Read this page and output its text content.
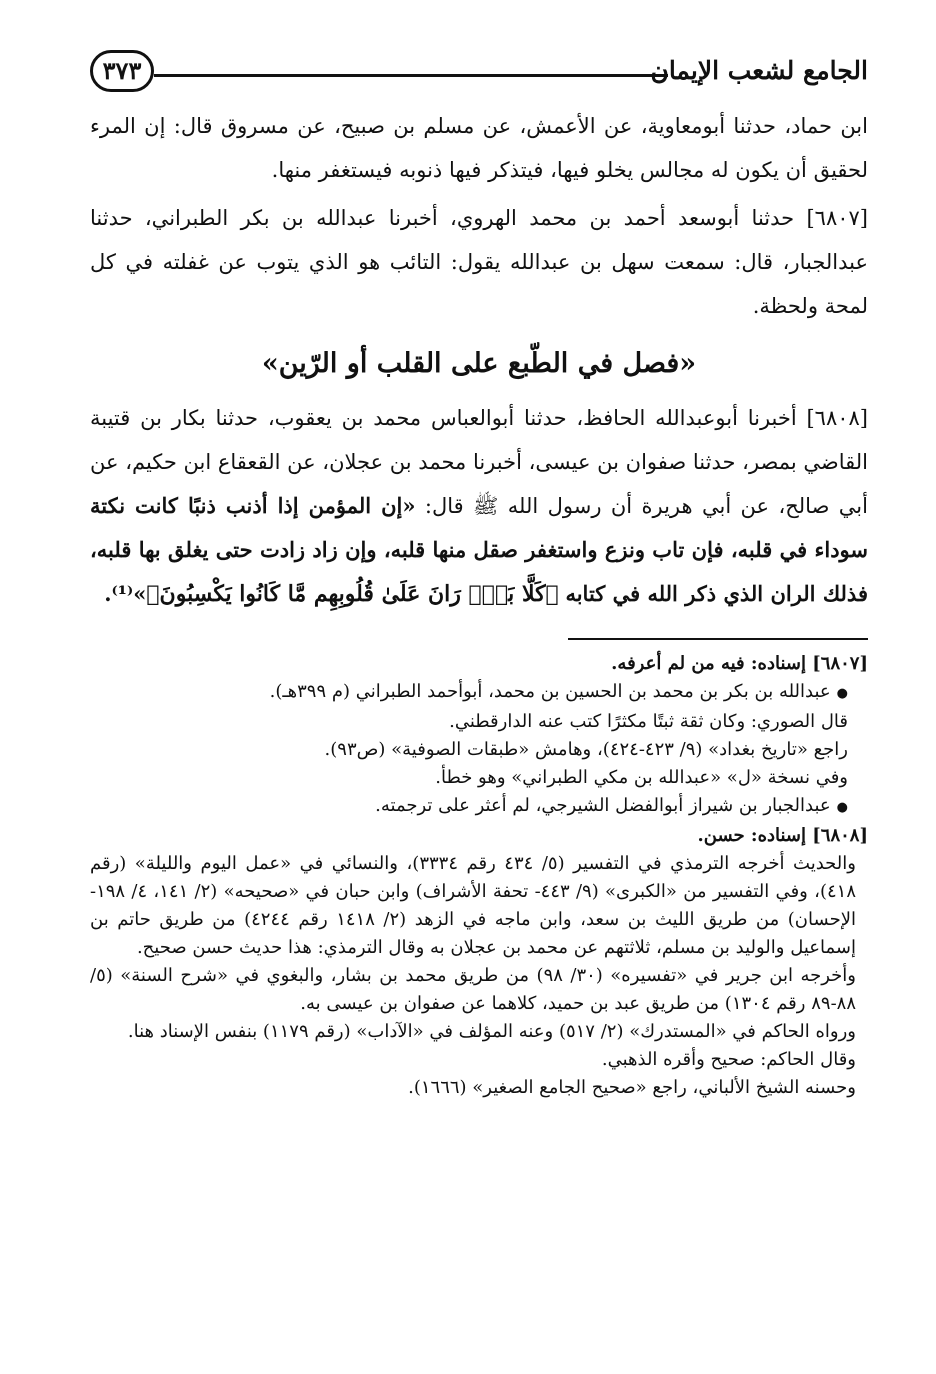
الجامع لشعب الإيمان
٣٧٣

ابن حماد، حدثنا أبومعاوية، عن الأعمش، عن مسلم بن صبيح، عن مسروق قال: إن المرء لحقيق أن يكون له مجالس يخلو فيها، فيتذكر فيها ذنوبه فيستغفر منها.

[٦٨٠٧] حدثنا أبوسعد أحمد بن محمد الهروي، أخبرنا عبدالله بن بكر الطبراني، حدثنا عبدالجبار، قال: سمعت سهل بن عبدالله يقول: التائب هو الذي يتوب عن غفلته في كل لمحة ولحظة.

«فصل في الطّبع على القلب أو الرّين»

[٦٨٠٨] أخبرنا أبوعبدالله الحافظ، حدثنا أبوالعباس محمد بن يعقوب، حدثنا بكار بن قتيبة القاضي بمصر، حدثنا صفوان بن عيسى، أخبرنا محمد بن عجلان، عن القعقاع ابن حكيم، عن أبي صالح، عن أبي هريرة أن رسول الله ﷺ قال: «إن المؤمن إذا أذنب ذنبًا كانت نكتة سوداء في قلبه، فإن تاب ونزع واستغفر صقل منها قلبه، وإن زاد زادت حتى يغلق بها قلبه، فذلك الران الذي ذكر الله في كتابه ﴿كَلَّا بَلْۜ رَانَ عَلَىٰ قُلُوبِهِم مَّا كَانُوا يَكْسِبُونَ﴾»⁽¹⁾.

[٦٨٠٧] إسناده: فيه من لم أعرفه.

● عبدالله بن بكر بن محمد بن الحسين بن محمد، أبوأحمد الطبراني (م ٣٩٩هـ).

قال الصوري: وكان ثقة ثبتًا مكثرًا كتب عنه الدارقطني.

راجع «تاريخ بغداد» (٩/ ٤٢٣-٤٢٤)، وهامش «طبقات الصوفية» (ص٩٣).

وفي نسخة «ل» «عبدالله بن مكي الطبراني» وهو خطأ.

● عبدالجبار بن شيراز أبوالفضل الشيرجي، لم أعثر على ترجمته.

[٦٨٠٨] إسناده: حسن.

والحديث أخرجه الترمذي في التفسير (٥/ ٤٣٤ رقم ٣٣٣٤)، والنسائي في «عمل اليوم والليلة» (رقم ٤١٨)، وفي التفسير من «الكبرى» (٩/ ٤٤٣- تحفة الأشراف) وابن حبان في «صحيحه» (٢/ ١٤١، ٤/ ١٩٨- الإحسان) من طريق الليث بن سعد، وابن ماجه في الزهد (٢/ ١٤١٨ رقم ٤٢٤٤) من طريق حاتم بن إسماعيل والوليد بن مسلم، ثلاثتهم عن محمد بن عجلان به وقال الترمذي: هذا حديث حسن صحيح.

وأخرجه ابن جرير في «تفسيره» (٣٠/ ٩٨) من طريق محمد بن بشار، والبغوي في «شرح السنة» (٥/ ٨٨-٨٩ رقم ١٣٠٤) من طريق عبد بن حميد، كلاهما عن صفوان بن عيسى به.

ورواه الحاكم في «المستدرك» (٢/ ٥١٧) وعنه المؤلف في «الآداب» (رقم ١١٧٩) بنفس الإسناد هنا.

وقال الحاكم: صحيح وأقره الذهبي.

وحسنه الشيخ الألباني، راجع «صحيح الجامع الصغير» (١٦٦٦).
